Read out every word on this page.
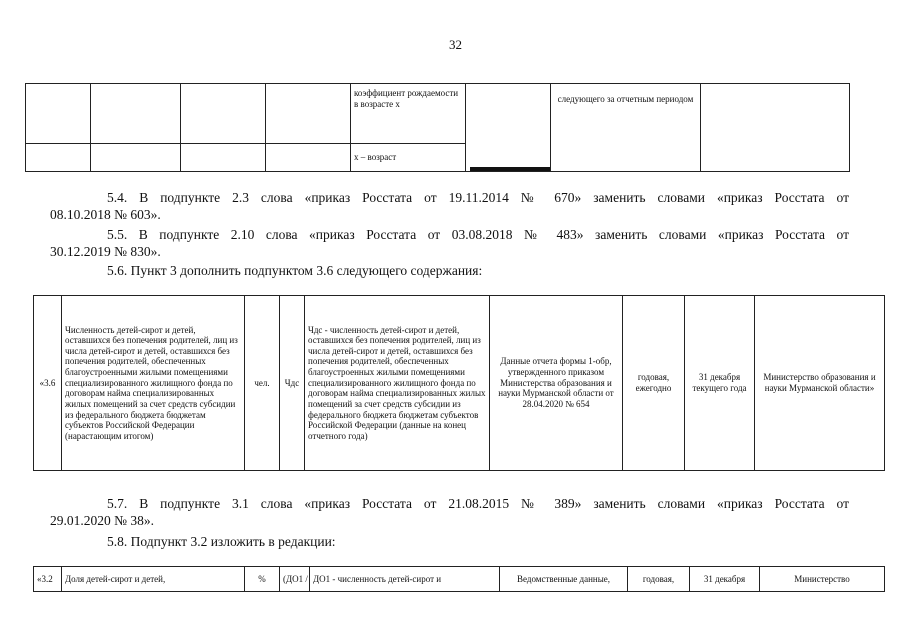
32
				коэффициент рождаемости в возрасте x		следующего за отчетным периодом	
				x – возраст			
5.4. В подпункте 2.3 слова «приказ Росстата от 19.11.2014 № 670» заменить словами «приказ Росстата от
08.10.2018 № 603».
5.5. В подпункте 2.10 слова «приказ Росстата от 03.08.2018 № 483» заменить словами «приказ Росстата от
30.12.2019 № 830».
5.6. Пункт 3 дополнить подпунктом 3.6 следующего содержания:
«3.6	Численность детей-сирот и детей, оставшихся без попечения родителей, лиц из числа детей-сирот и детей, оставшихся без попечения родителей, обеспеченных благоустроенными жилыми помещениями специализированного жилищного фонда по договорам найма специализированных жилых помещений за счет средств субсидии из федерального бюджета бюджетам субъектов Российской Федерации (нарастающим итогом)	чел.	Чдс	Чдс - численность детей-сирот и детей, оставшихся без попечения родителей, лиц из числа детей-сирот и детей, оставшихся без попечения родителей, обеспеченных благоустроенных жилыми помещениями специализированного жилищного фонда по договорам найма специализированных жилых помещений за счет средств субсидии из федерального бюджета бюджетам субъектов Российской Федерации (данные на конец отчетного года)	Данные отчета формы 1-обр, утвержденного приказом Министерства образования и науки Мурманской области от 28.04.2020 № 654	годовая, ежегодно	31 декабря текущего года	Министерство образования и науки Мурманской области»
5.7. В подпункте 3.1 слова «приказ Росстата от 21.08.2015 № 389» заменить словами «приказ Росстата от
29.01.2020 № 38».
5.8. Подпункт 3.2 изложить в редакции:
«3.2	Доля детей-сирот и детей,	%	(ДО1 /	ДО1 - численность детей-сирот и	Ведомственные данные,	годовая,	31 декабря	Министерство
